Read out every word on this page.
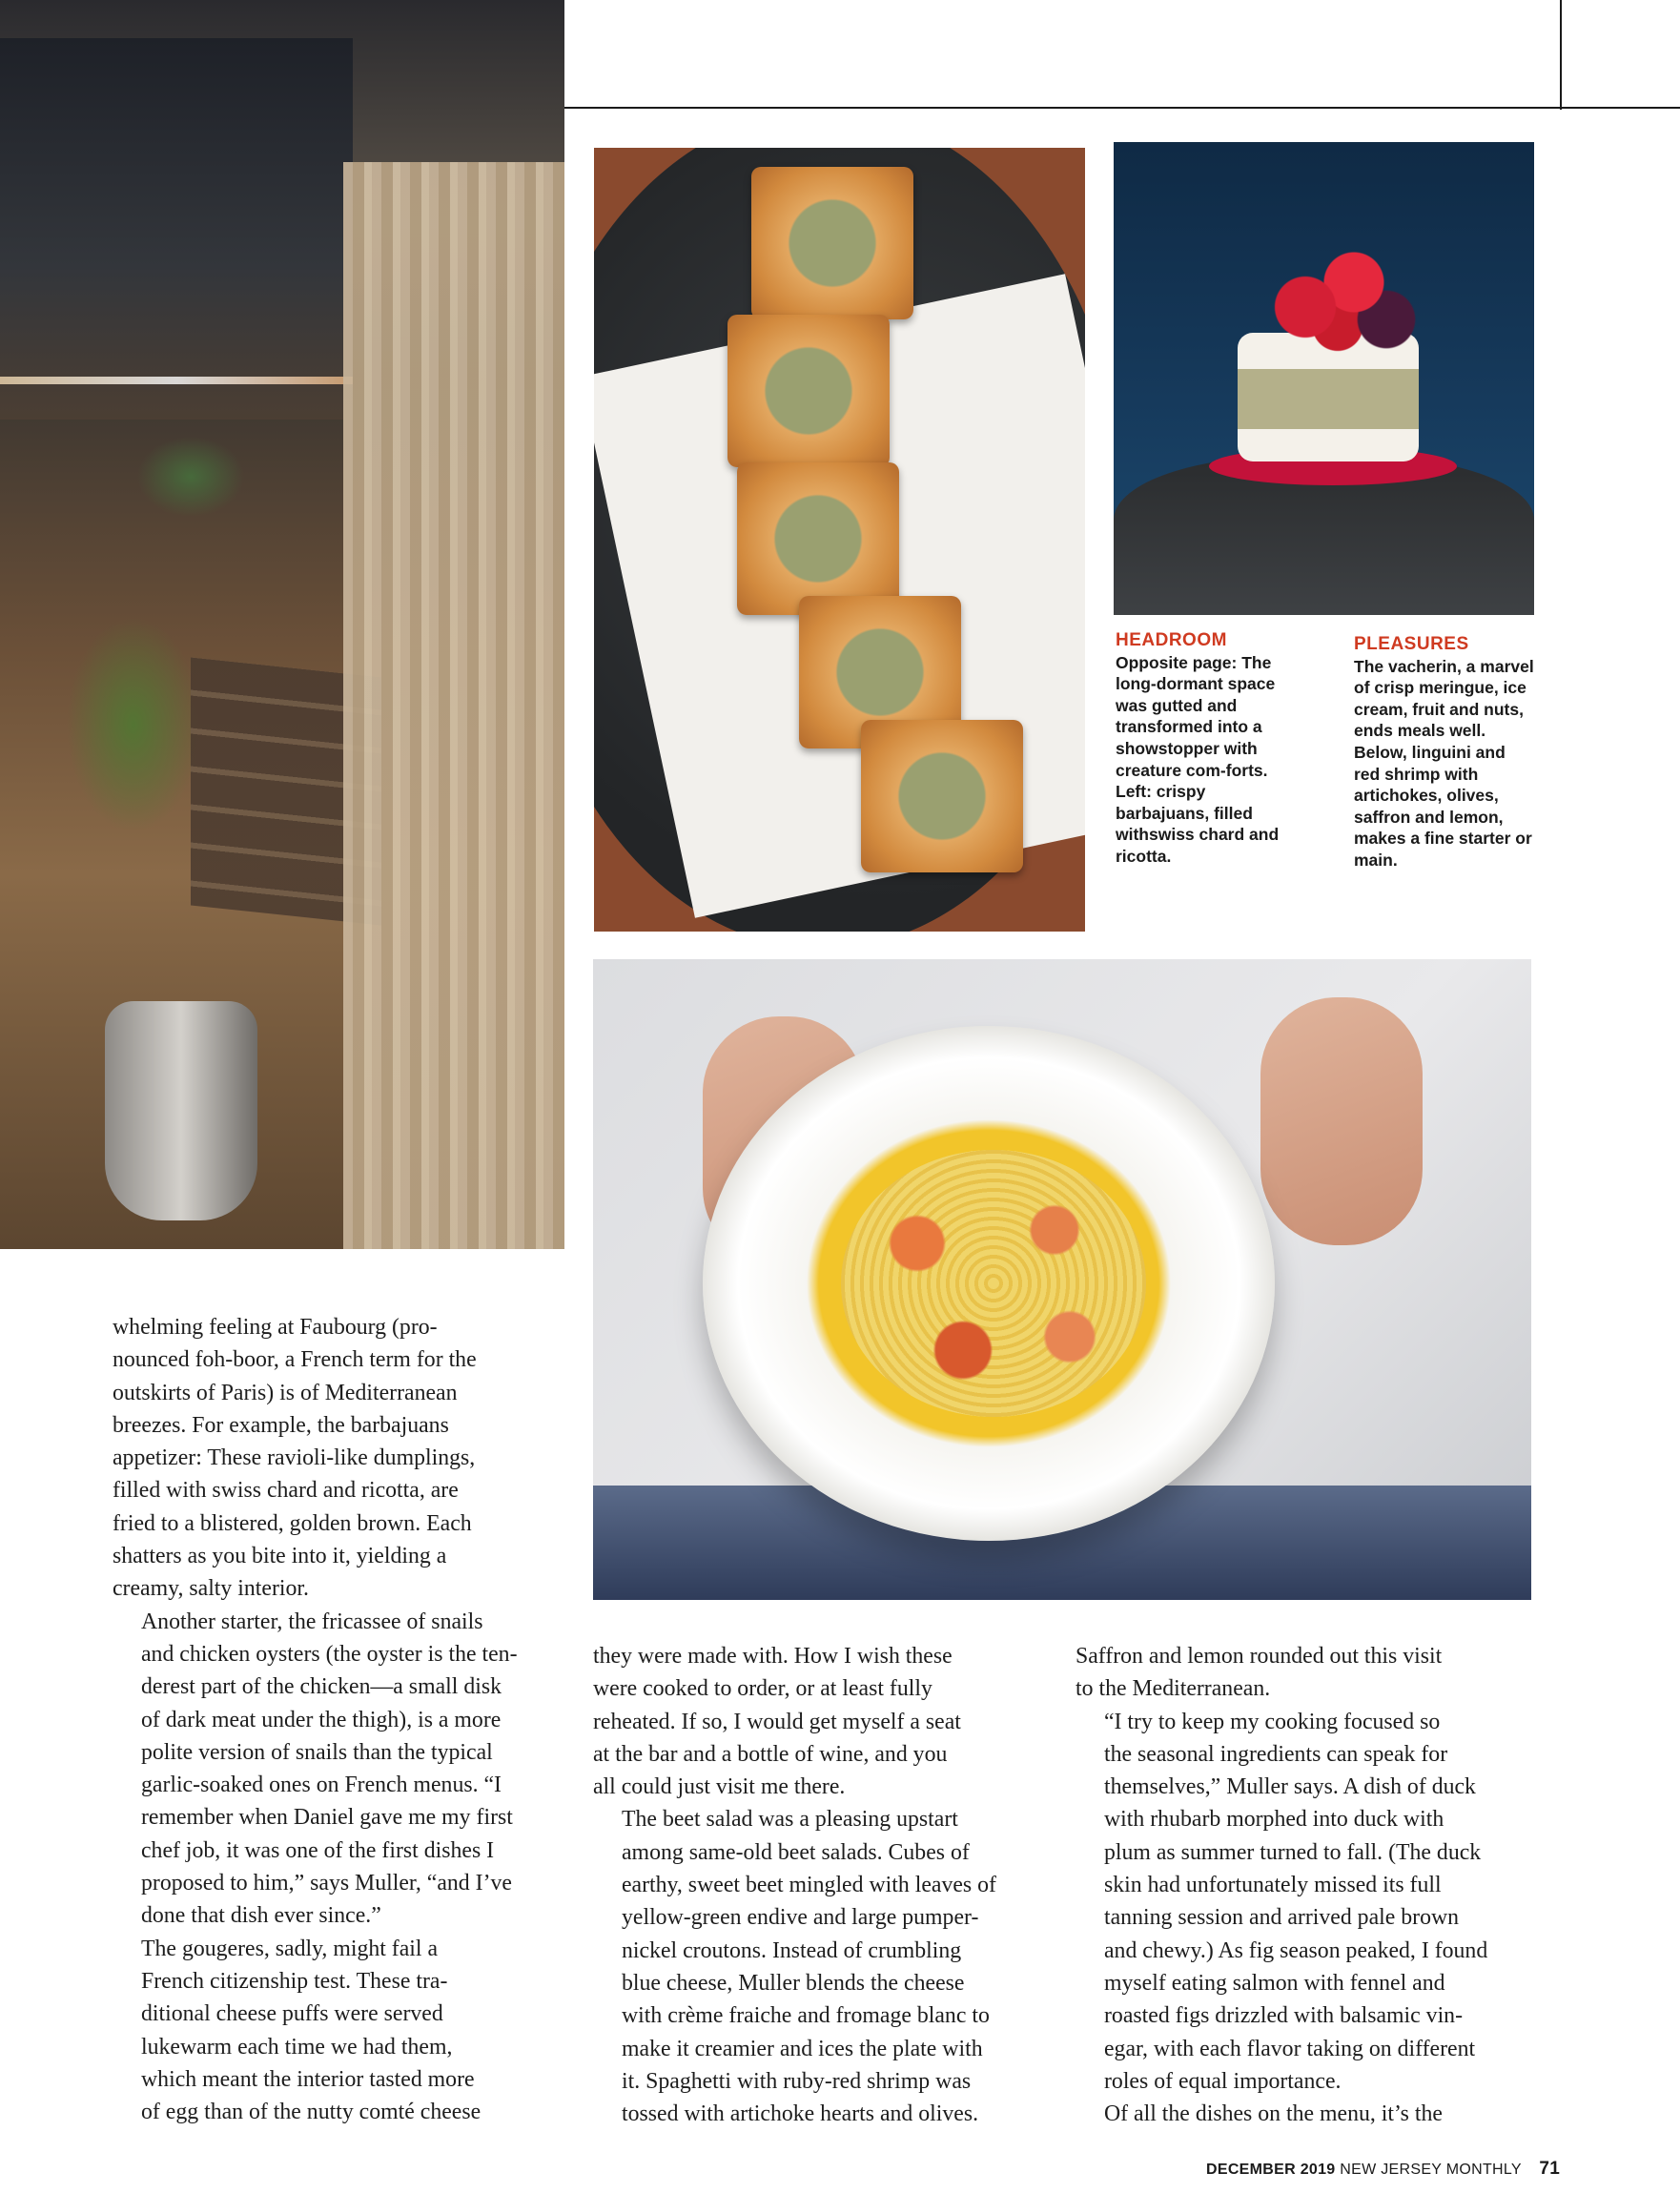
HEADROOM
Opposite page: The long-dormant space was gutted and transformed into a showstopper with creature com-forts. Left: crispy barbajuans, filled withswiss chard and ricotta.
PLEASURES
The vacherin, a marvel of crisp meringue, ice cream, fruit and nuts, ends meals well. Below, linguini and red shrimp with artichokes, olives, saffron and lemon, makes a fine starter or main.

whelming feeling at Faubourg (pro-
nounced foh-boor, a French term for the
outskirts of Paris) is of Mediterranean
breezes. For example, the barbajuans
appetizer: These ravioli-like dumplings,
filled with swiss chard and ricotta, are
fried to a blistered, golden brown. Each
shatters as you bite into it, yielding a
creamy, salty interior.

Another starter, the fricassee of snails
and chicken oysters (the oyster is the ten-
derest part of the chicken—a small disk
of dark meat under the thigh), is a more
polite version of snails than the typical
garlic-soaked ones on French menus. “I
remember when Daniel gave me my first
chef job, it was one of the first dishes I
proposed to him,” says Muller, “and I’ve
done that dish ever since.”

The gougeres, sadly, might fail a
French citizenship test. These tra-
ditional cheese puffs were served
lukewarm each time we had them,
which meant the interior tasted more
of egg than of the nutty comté cheese

they were made with. How I wish these
were cooked to order, or at least fully
reheated. If so, I would get myself a seat
at the bar and a bottle of wine, and you
all could just visit me there.

The beet salad was a pleasing upstart
among same-old beet salads. Cubes of
earthy, sweet beet mingled with leaves of
yellow-green endive and large pumper-
nickel croutons. Instead of crumbling
blue cheese, Muller blends the cheese
with crème fraiche and fromage blanc to
make it creamier and ices the plate with
it. Spaghetti with ruby-red shrimp was
tossed with artichoke hearts and olives.

Saffron and lemon rounded out this visit
to the Mediterranean.

“I try to keep my cooking focused so
the seasonal ingredients can speak for
themselves,” Muller says. A dish of duck
with rhubarb morphed into duck with
plum as summer turned to fall. (The duck
skin had unfortunately missed its full
tanning session and arrived pale brown
and chewy.) As fig season peaked, I found
myself eating salmon with fennel and
roasted figs drizzled with balsamic vin-
egar, with each flavor taking on different
roles of equal importance.

Of all the dishes on the menu, it’s the

DECEMBER 2019 NEW JERSEY MONTHLY 71
